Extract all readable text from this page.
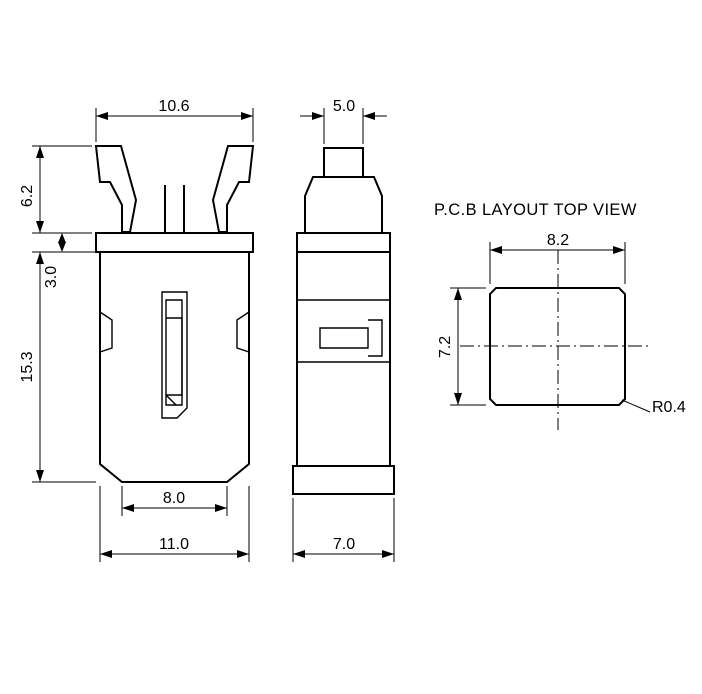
10.6
6.2
3.0
15.3
8.0
11.0
5.0
7.0
P.C.B LAYOUT TOP VIEW
R0.4
8.2
7.2
